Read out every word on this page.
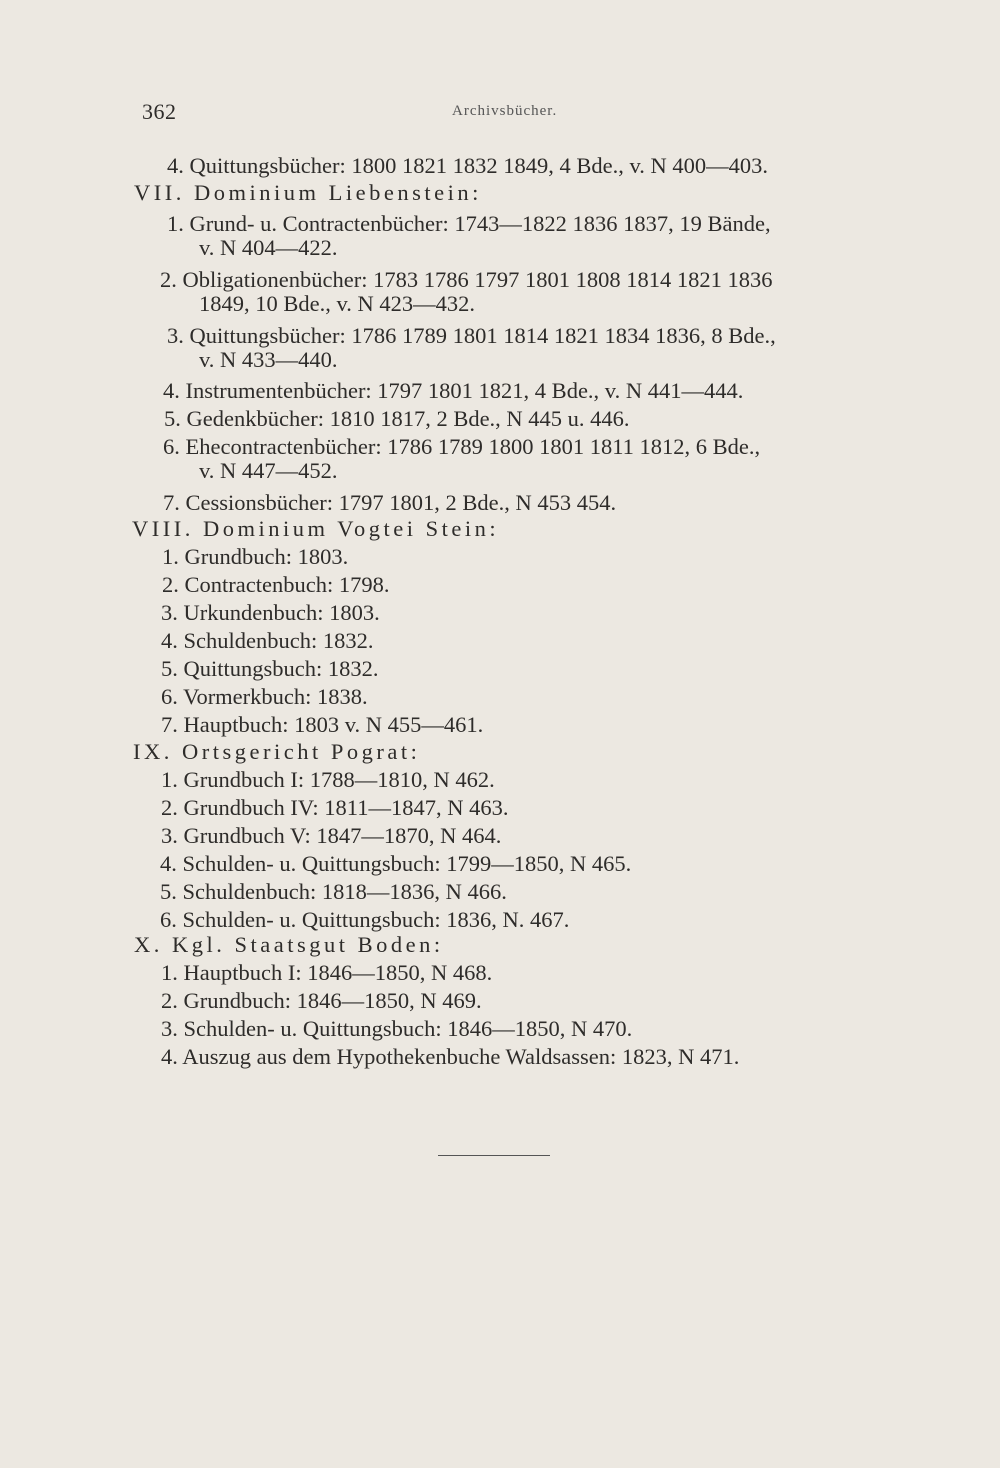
362	Archivsbücher.
4. Quittungsbücher: 1800 1821 1832 1849, 4 Bde., v. N 400—403.
VII. Dominium Liebenstein:
1. Grund- u. Contractenbücher: 1743—1822 1836 1837, 19 Bände,
v. N 404—422.
2. Obligationenbücher: 1783 1786 1797 1801 1808 1814 1821 1836
1849, 10 Bde., v. N 423—432.
3. Quittungsbücher: 1786 1789 1801 1814 1821 1834 1836, 8 Bde.,
v. N 433—440.
4. Instrumentenbücher: 1797 1801 1821, 4 Bde., v. N 441—444.
5. Gedenkbücher: 1810 1817, 2 Bde., N 445 u. 446.
6. Ehecontractenbücher: 1786 1789 1800 1801 1811 1812, 6 Bde.,
v. N 447—452.
7. Cessionsbücher: 1797 1801, 2 Bde., N 453 454.
VIII. Dominium Vogtei Stein:
1. Grundbuch: 1803.
2. Contractenbuch: 1798.
3. Urkundenbuch: 1803.
4. Schuldenbuch: 1832.
5. Quittungsbuch: 1832.
6. Vormerkbuch: 1838.
7. Hauptbuch: 1803 v. N 455—461.
IX. Ortsgericht Pograt:
1. Grundbuch I: 1788—1810, N 462.
2. Grundbuch IV: 1811—1847, N 463.
3. Grundbuch V: 1847—1870, N 464.
4. Schulden- u. Quittungsbuch: 1799—1850, N 465.
5. Schuldenbuch: 1818—1836, N 466.
6. Schulden- u. Quittungsbuch: 1836, N. 467.
X. Kgl. Staatsgut Boden:
1. Hauptbuch I: 1846—1850, N 468.
2. Grundbuch: 1846—1850, N 469.
3. Schulden- u. Quittungsbuch: 1846—1850, N 470.
4. Auszug aus dem Hypothekenbuche Waldsassen: 1823, N 471.
